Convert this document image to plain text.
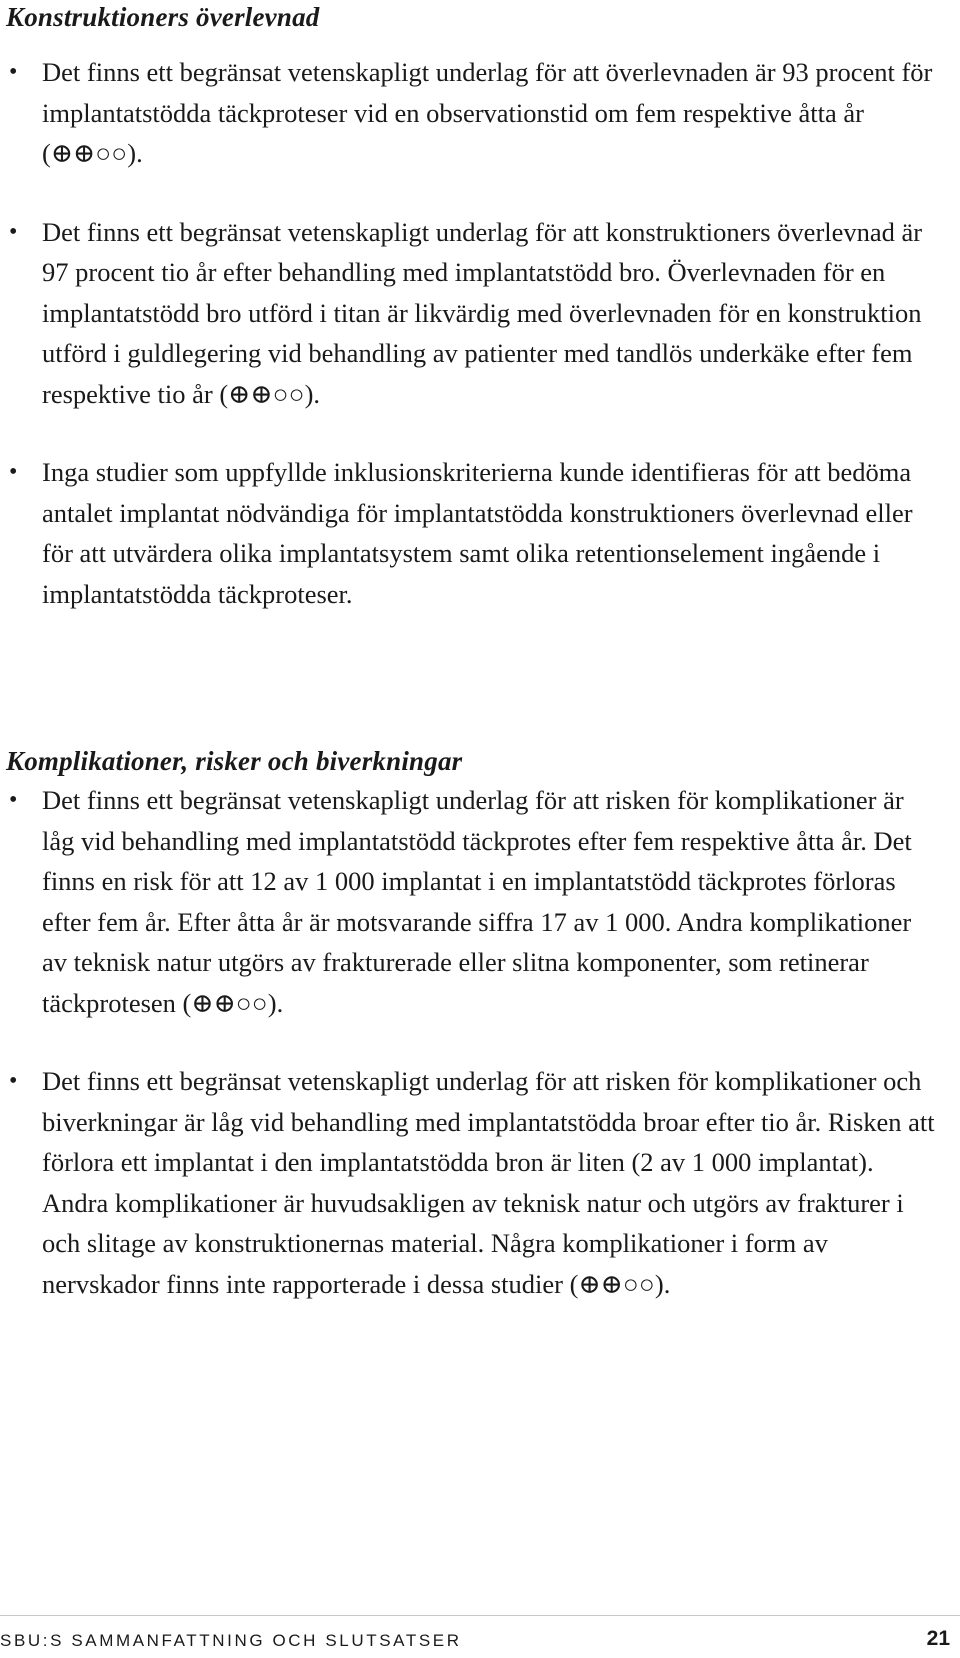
Konstruktioners överlevnad
• Det finns ett begränsat vetenskapligt underlag för att överlevnaden är 93 procent för implantatstödda täckproteser vid en observationstid om fem respektive åtta år (⊕⊕○○).
• Det finns ett begränsat vetenskapligt underlag för att konstruktioners överlevnad är 97 procent tio år efter behandling med implantatstödd bro. Överlevnaden för en implantatstödd bro utförd i titan är likvärdig med överlevnaden för en konstruktion utförd i guldlegering vid behandling av patienter med tandlös underkäke efter fem respektive tio år (⊕⊕○○).
• Inga studier som uppfyllde inklusionskriterierna kunde identifieras för att bedöma antalet implantat nödvändiga för implantatstödda konstruktioners överlevnad eller för att utvärdera olika implantatsystem samt olika retentionselement ingående i implantatstödda täckproteser.
Komplikationer, risker och biverkningar
• Det finns ett begränsat vetenskapligt underlag för att risken för komplikationer är låg vid behandling med implantatstödd täckprotes efter fem respektive åtta år. Det finns en risk för att 12 av 1 000 implantat i en implantatstödd täckprotes förloras efter fem år. Efter åtta år är motsvarande siffra 17 av 1 000. Andra komplikationer av teknisk natur utgörs av frakturerade eller slitna komponenter, som retinerar täckprotesen (⊕⊕○○).
• Det finns ett begränsat vetenskapligt underlag för att risken för komplikationer och biverkningar är låg vid behandling med implantatstödda broar efter tio år. Risken att förlora ett implantat i den implantatstödda bron är liten (2 av 1 000 implantat). Andra komplikationer är huvudsakligen av teknisk natur och utgörs av frakturer i och slitage av konstruktionernas material. Några komplikationer i form av nervskador finns inte rapporterade i dessa studier (⊕⊕○○).
SBU:S SAMMANFATTNING OCH SLUTSATSER	21
